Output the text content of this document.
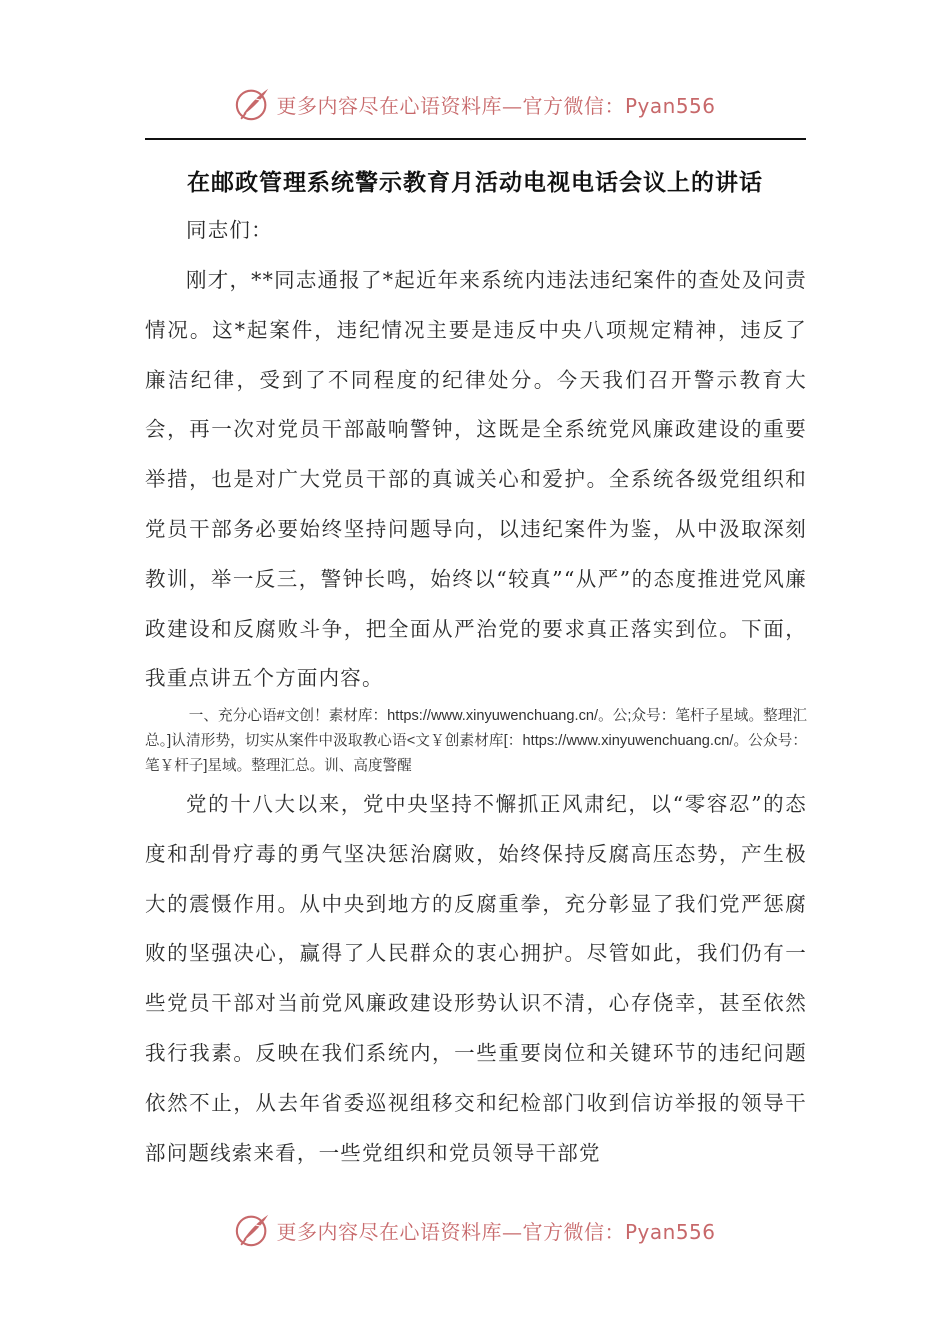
更多内容尽在心语资料库—官方微信：Pyan556
在邮政管理系统警示教育月活动电视电话会议上的讲话

同志们：

刚才，**同志通报了*起近年来系统内违法违纪案件的查处及问责情况。这*起案件，违纪情况主要是违反中央八项规定精神，违反了廉洁纪律，受到了不同程度的纪律处分。今天我们召开警示教育大会，再一次对党员干部敲响警钟，这既是全系统党风廉政建设的重要举措，也是对广大党员干部的真诚关心和爱护。全系统各级党组织和党员干部务必要始终坚持问题导向，以违纪案件为鉴，从中汲取深刻教训，举一反三，警钟长鸣，始终以“较真”“从严”的态度推进党风廉政建设和反腐败斗争，把全面从严治党的要求真正落实到位。下面，我重点讲五个方面内容。

一、充分心语#文创！素材库：https://www.xinyuwenchuang.cn/。公;众号：笔杆子星域。整理汇总。]认清形势，切实从案件中汲取教心语<文￥创素材库[：https://www.xinyuwenchuang.cn/。公众号：笔￥杆子]星域。整理汇总。训、高度警醒

党的十八大以来，党中央坚持不懈抓正风肃纪，以“零容忍”的态度和刮骨疗毒的勇气坚决惩治腐败，始终保持反腐高压态势，产生极大的震慑作用。从中央到地方的反腐重拳，充分彰显了我们党严惩腐败的坚强决心，赢得了人民群众的衷心拥护。尽管如此，我们仍有一些党员干部对当前党风廉政建设形势认识不清，心存侥幸，甚至依然我行我素。反映在我们系统内，一些重要岗位和关键环节的违纪问题依然不止，从去年省委巡视组移交和纪检部门收到信访举报的领导干部问题线索来看，一些党组织和党员领导干部党

更多内容尽在心语资料库—官方微信：Pyan556
